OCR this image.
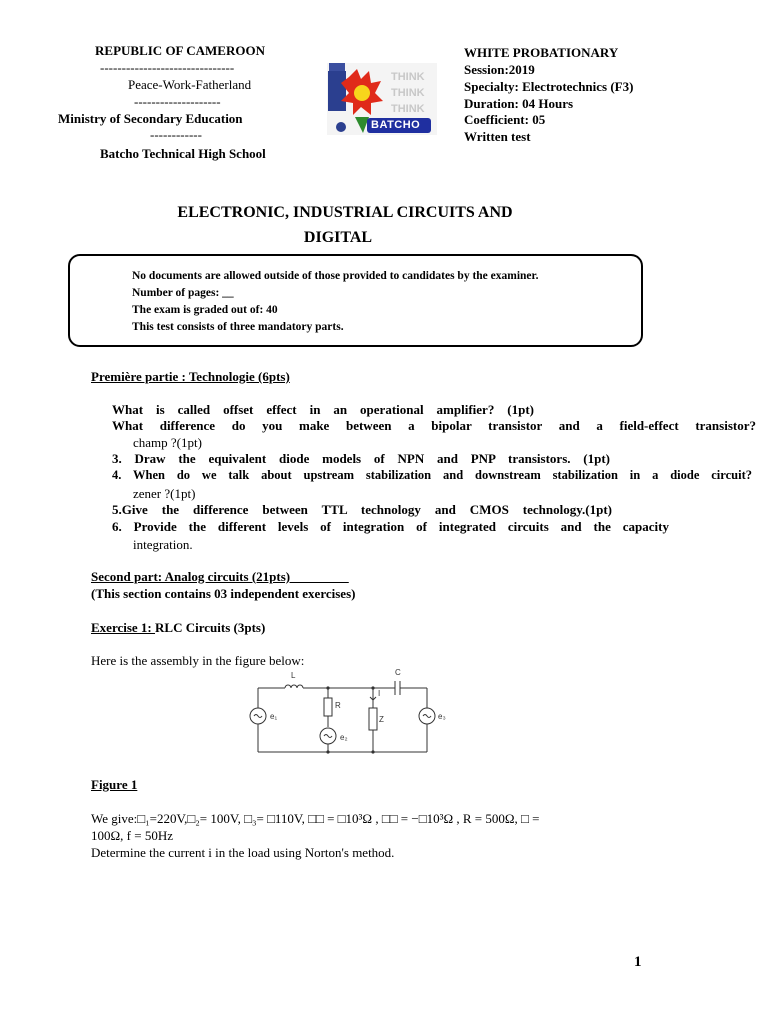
REPUBLIC OF CAMEROON
-------------------------------
Peace-Work-Fatherland
--------------------
Ministry of Secondary Education
------------
Batcho Technical High School
THINK
THINK
THINK
BATCHO
WHITE PROBATIONARY
Session:2019
Specialty: Electrotechnics (F3)
Duration: 04 Hours
Coefficient: 05
Written test
ELECTRONIC, INDUSTRIAL CIRCUITS AND
DIGITAL
No documents are allowed outside of those provided to candidates by the examiner.
Number of pages: __
The exam is graded out of: 40
This test consists of three mandatory parts.
Première partie : Technologie (6pts)
What is called offset effect in an operational amplifier? (1pt)
What difference do you make between a bipolar transistor and a field-effect transistor?
champ ?(1pt)
3. Draw the equivalent diode models of NPN and PNP transistors. (1pt)
4. When do we talk about upstream stabilization and downstream stabilization in a diode circuit?
zener ?(1pt)
5.Give the difference between TTL technology and CMOS technology.(1pt)
6. Provide the different levels of integration of integrated circuits and the capacity
integration.
Second part: Analog circuits (21pts)_________
(This section contains 03 independent exercises)
Exercise 1: RLC Circuits (3pts)
Here is the assembly in the figure below:
L	C
R
I
Z
e₁
e₂
e₃
Figure 1
We give:□₁=220V,□₂= 100V, □₃= □110V, □□ = □10³Ω , □□ = −□10³Ω , R = 500Ω, □ =
100Ω, f = 50Hz
Determine the current i in the load using Norton's method.
1
